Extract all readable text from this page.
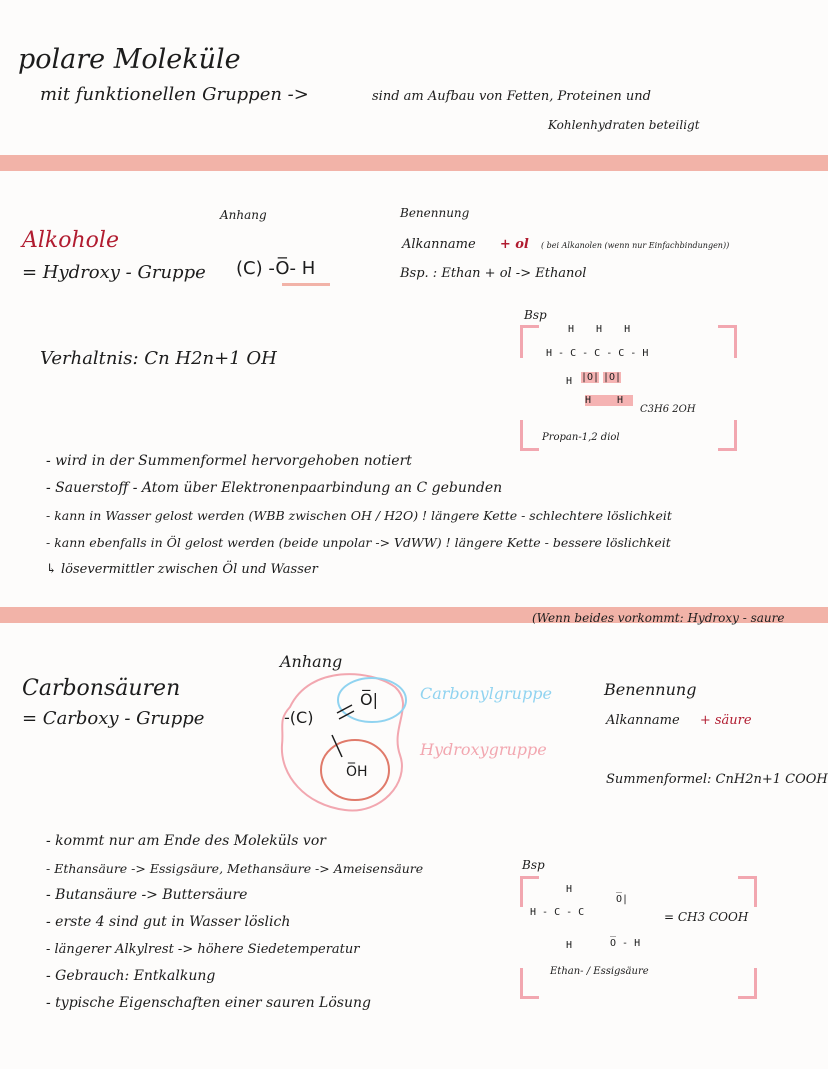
polare Moleküle
mit funktionellen Gruppen ->	sind am Aufbau von Fetten, Proteinen und
Kohlenhydraten beteiligt
Anhang
Alkohole
= Hydroxy - Gruppe (C) -O̅- H
Benennung
Alkanname + ol ( bei Alkanolen (wenn nur Einfachbindungen))
Bsp. : Ethan + ol -> Ethanol
Verhaltnis: Cn H2n+1 OH
Bsp
H H H
H - C - C - C - H
H |O| |O|
H H
C3H6 2OH
Propan-1,2 diol
- wird in der Summenformel hervorgehoben notiert
- Sauerstoff - Atom über Elektronenpaarbindung an C gebunden
- kann in Wasser gelost werden (WBB zwischen OH / H2O) ! längere Kette - schlechtere löslichkeit
- kann ebenfalls in Öl gelost werden (beide unpolar -> VdWW) ! längere Kette - bessere löslichkeit
↳ lösevermittler zwischen Öl und Wasser
(Wenn beides vorkommt: Hydroxy - saure
Anhang
Carbonsäuren
= Carboxy - Gruppe	-(C)
O̅|
O̅H
Carbonylgruppe
Hydroxygruppe
Benennung
Alkanname + säure
Summenformel: CnH2n+1 COOH
- kommt nur am Ende des Moleküls vor
- Ethansäure -> Essigsäure, Methansäure -> Ameisensäure
- Butansäure -> Buttersäure
- erste 4 sind gut in Wasser löslich
- längerer Alkylrest -> höhere Siedetemperatur
- Gebrauch: Entkalkung
- typische Eigenschaften einer sauren Lösung
Bsp
H
H - C - C
O̅|
H	O̅ - H
= CH3 COOH
Ethan- / Essigsäure
